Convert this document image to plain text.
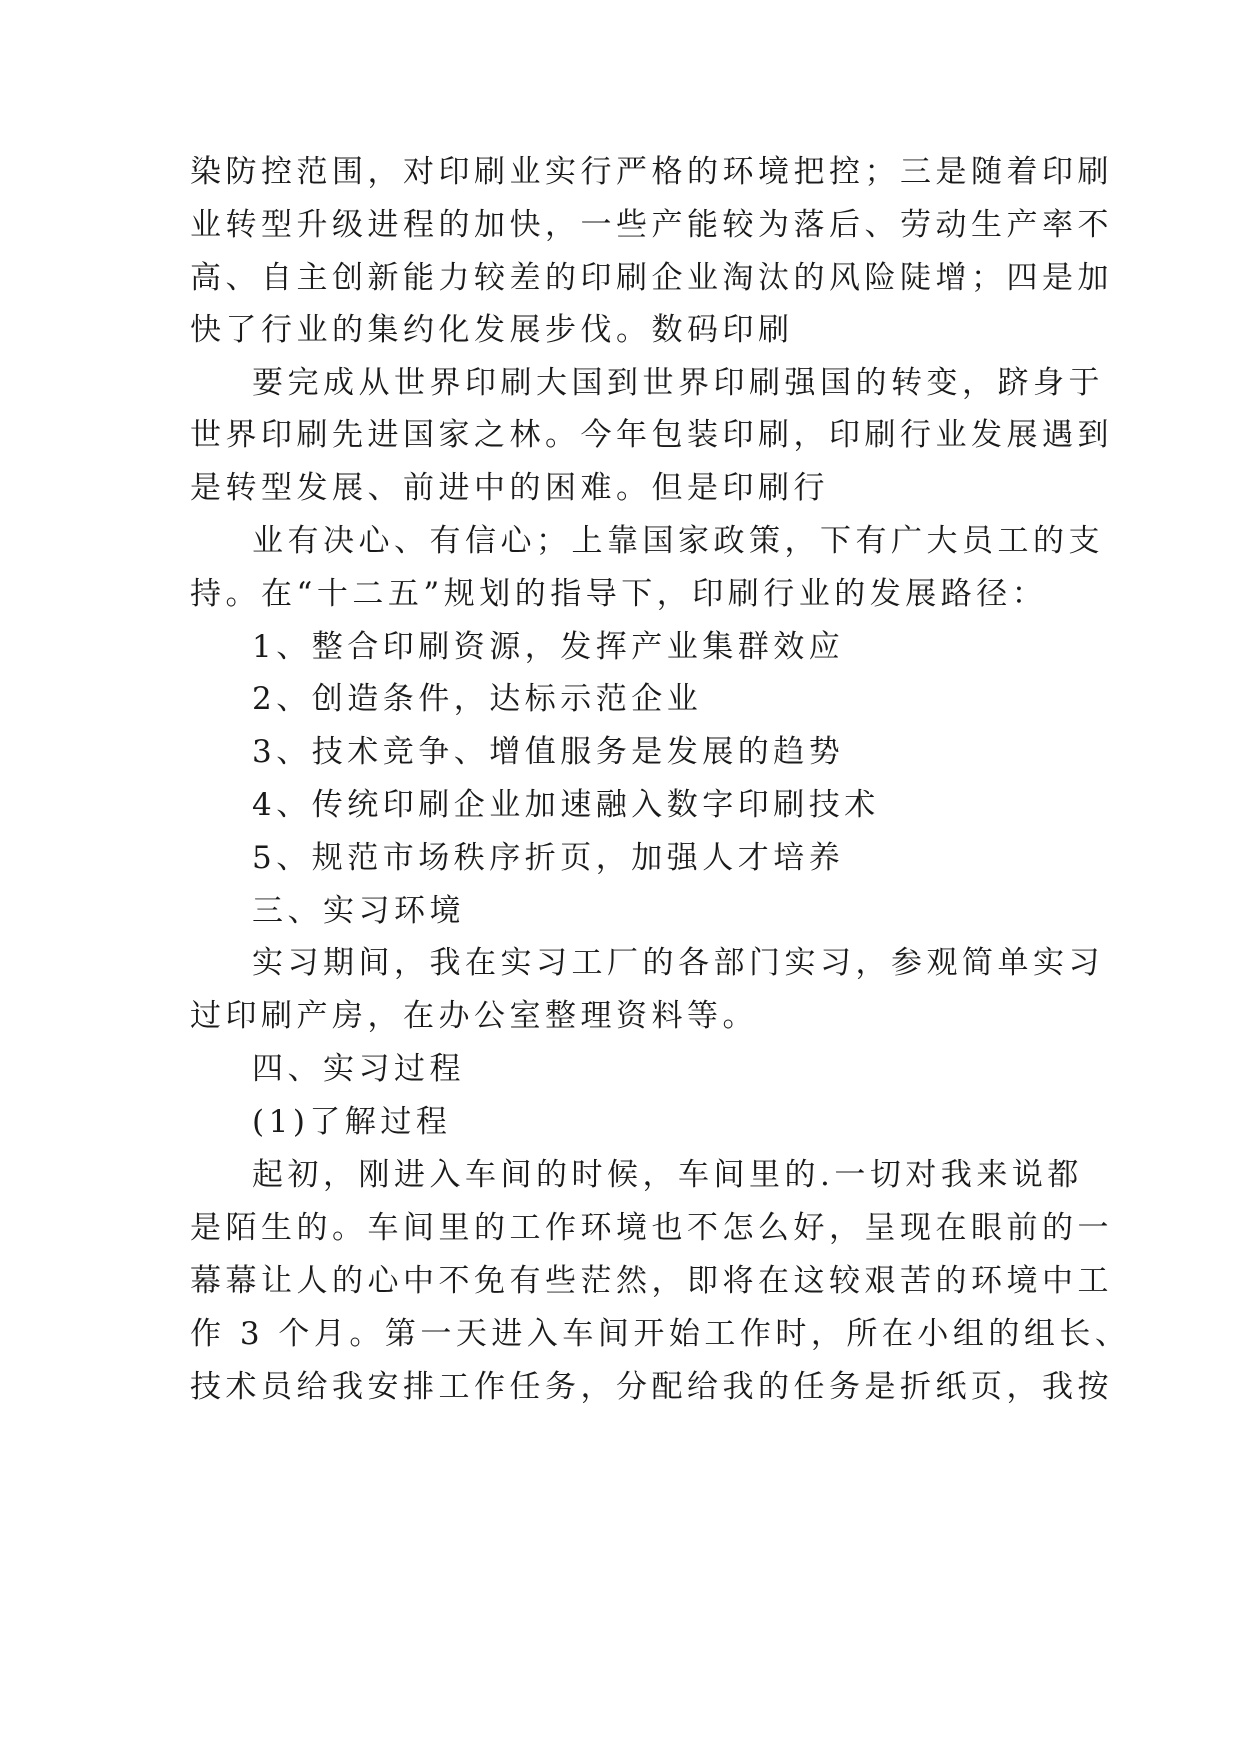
染防控范围，对印刷业实行严格的环境把控；三是随着印刷
业转型升级进程的加快，一些产能较为落后、劳动生产率不
高、自主创新能力较差的印刷企业淘汰的风险陡增；四是加
快了行业的集约化发展步伐。数码印刷
要完成从世界印刷大国到世界印刷强国的转变，跻身于
世界印刷先进国家之林。今年包装印刷，印刷行业发展遇到
是转型发展、前进中的困难。但是印刷行
业有决心、有信心；上靠国家政策，下有广大员工的支
持。在“十二五”规划的指导下，印刷行业的发展路径：
1、整合印刷资源，发挥产业集群效应
2、创造条件，达标示范企业
3、技术竞争、增值服务是发展的趋势
4、传统印刷企业加速融入数字印刷技术
5、规范市场秩序折页，加强人才培养
三、实习环境
实习期间，我在实习工厂的各部门实习，参观简单实习
过印刷产房，在办公室整理资料等。
四、实习过程
(1)了解过程
起初，刚进入车间的时候，车间里的.一切对我来说都
是陌生的。车间里的工作环境也不怎么好，呈现在眼前的一
幕幕让人的心中不免有些茫然，即将在这较艰苦的环境中工
作 3 个月。第一天进入车间开始工作时，所在小组的组长、
技术员给我安排工作任务，分配给我的任务是折纸页，我按
